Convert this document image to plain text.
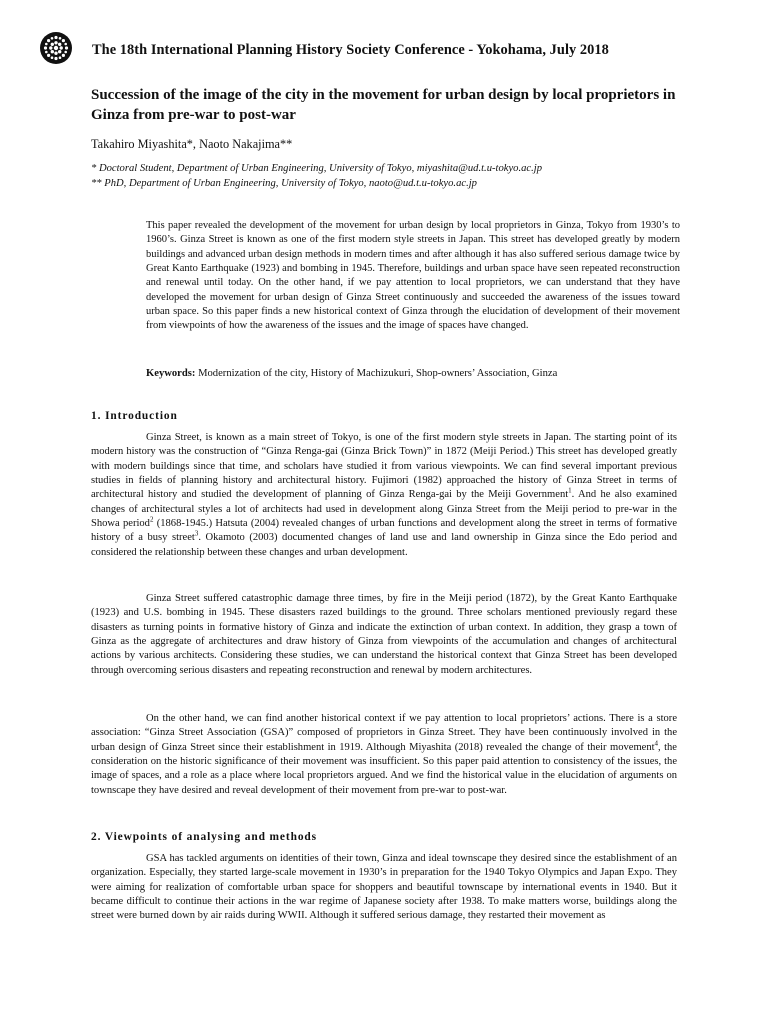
The 18th International Planning History Society Conference - Yokohama, July 2018
Succession of the image of the city in the movement for urban design by local proprietors in Ginza from pre-war to post-war
Takahiro Miyashita*, Naoto Nakajima**
* Doctoral Student, Department of Urban Engineering, University of Tokyo, miyashita@ud.t.u-tokyo.ac.jp
** PhD, Department of Urban Engineering, University of Tokyo, naoto@ud.t.u-tokyo.ac.jp

This paper revealed the development of the movement for urban design by local proprietors in Ginza, Tokyo from 1930’s to 1960’s. Ginza Street is known as one of the first modern style streets in Japan. This street has developed greatly by modern buildings and advanced urban design methods in modern times and after although it has also suffered serious damage twice by Great Kanto Earthquake (1923) and bombing in 1945. Therefore, buildings and urban space have seen repeated reconstruction and renewal until today. On the other hand, if we pay attention to local proprietors, we can understand that they have developed the movement for urban design of Ginza Street continuously and succeeded the awareness of the issues toward urban space. So this paper finds a new historical context of Ginza through the elucidation of development of their movement from viewpoints of how the awareness of the issues and the image of spaces have changed.

Keywords: Modernization of the city, History of Machizukuri, Shop-owners’ Association, Ginza
1. Introduction

Ginza Street, is known as a main street of Tokyo, is one of the first modern style streets in Japan. The starting point of its modern history was the construction of “Ginza Renga-gai (Ginza Brick Town)” in 1872 (Meiji Period.) This street has developed greatly with modern buildings since that time, and scholars have studied it from various viewpoints. We can find several important previous studies in fields of planning history and architectural history. Fujimori (1982) approached the history of Ginza Street in terms of architectural history and studied the development of planning of Ginza Renga-gai by the Meiji Government$^1$. And he also examined changes of architectural styles a lot of architects had used in development along Ginza Street from the Meiji period to pre-war in the Showa period$^2$ (1868-1945.) Hatsuta (2004) revealed changes of urban functions and development along the street in terms of formative history of a busy street$^3$. Okamoto (2003) documented changes of land use and land ownership in Ginza since the Edo period and considered the relationship between these changes and urban development.

Ginza Street suffered catastrophic damage three times, by fire in the Meiji period (1872), by the Great Kanto Earthquake (1923) and U.S. bombing in 1945. These disasters razed buildings to the ground. Three scholars mentioned previously regard these disasters as turning points in formative history of Ginza and indicate the extinction of urban context. In addition, they grasp a town of Ginza as the aggregate of architectures and draw history of Ginza from viewpoints of the accumulation and changes of architectural actions by various architects. Considering these studies, we can understand the historical context that Ginza Street has been developed through overcoming serious disasters and repeating reconstruction and renewal by modern architectures.

On the other hand, we can find another historical context if we pay attention to local proprietors’ actions. There is a store association: “Ginza Street Association (GSA)” composed of proprietors in Ginza Street. They have been continuously involved in the urban design of Ginza Street since their establishment in 1919. Although Miyashita (2018) revealed the change of their movement$^4$, the consideration on the historic significance of their movement was insufficient. So this paper paid attention to consistency of the issues, the image of spaces, and a role as a place where local proprietors argued. And we find the historical value in the elucidation of arguments on townscape they have desired and reveal development of their movement from pre-war to post-war.

2. Viewpoints of analysing and methods

GSA has tackled arguments on identities of their town, Ginza and ideal townscape they desired since the establishment of an organization. Especially, they started large-scale movement in 1930’s in preparation for the 1940 Tokyo Olympics and Japan Expo. They were aiming for realization of comfortable urban space for shoppers and beautiful townscape by international events in 1940. But it became difficult to continue their actions in the war regime of Japanese society after 1938. To make matters worse, buildings along the street were burned down by air raids during WWII. Although it suffered serious damage, they restarted their movement as
